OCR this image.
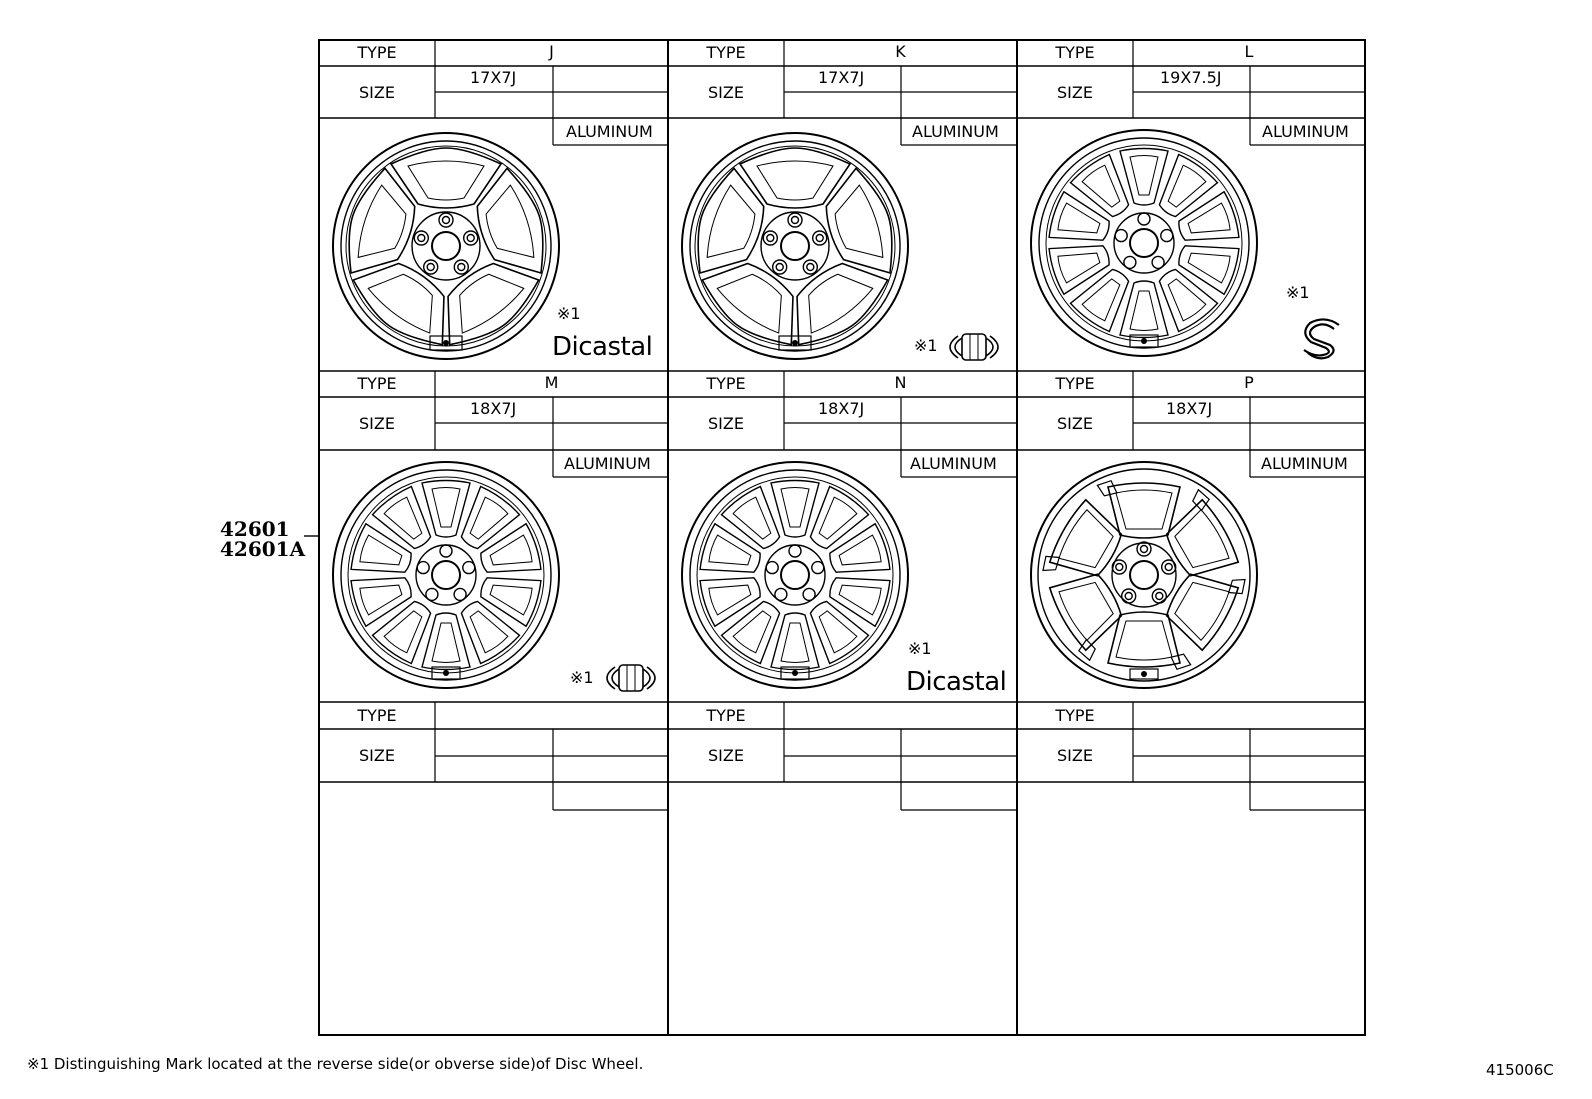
TYPE	J
SIZE
17X7J
ALUMINUM
※1
Dicastal
TYPE	K
SIZE
17X7J
ALUMINUM
※1
TYPE	L
SIZE
19X7.5J
ALUMINUM
※1
TYPE	M
SIZE
18X7J
ALUMINUM
※1
TYPE	N
SIZE
18X7J
ALUMINUM
※1
Dicastal
TYPE	P
SIZE
18X7J
ALUMINUM
TYPE
SIZE
TYPE
SIZE
TYPE
SIZE
42601
42601A
※1 Distinguishing Mark located at the reverse side(or obverse side)of Disc Wheel.	415006C
